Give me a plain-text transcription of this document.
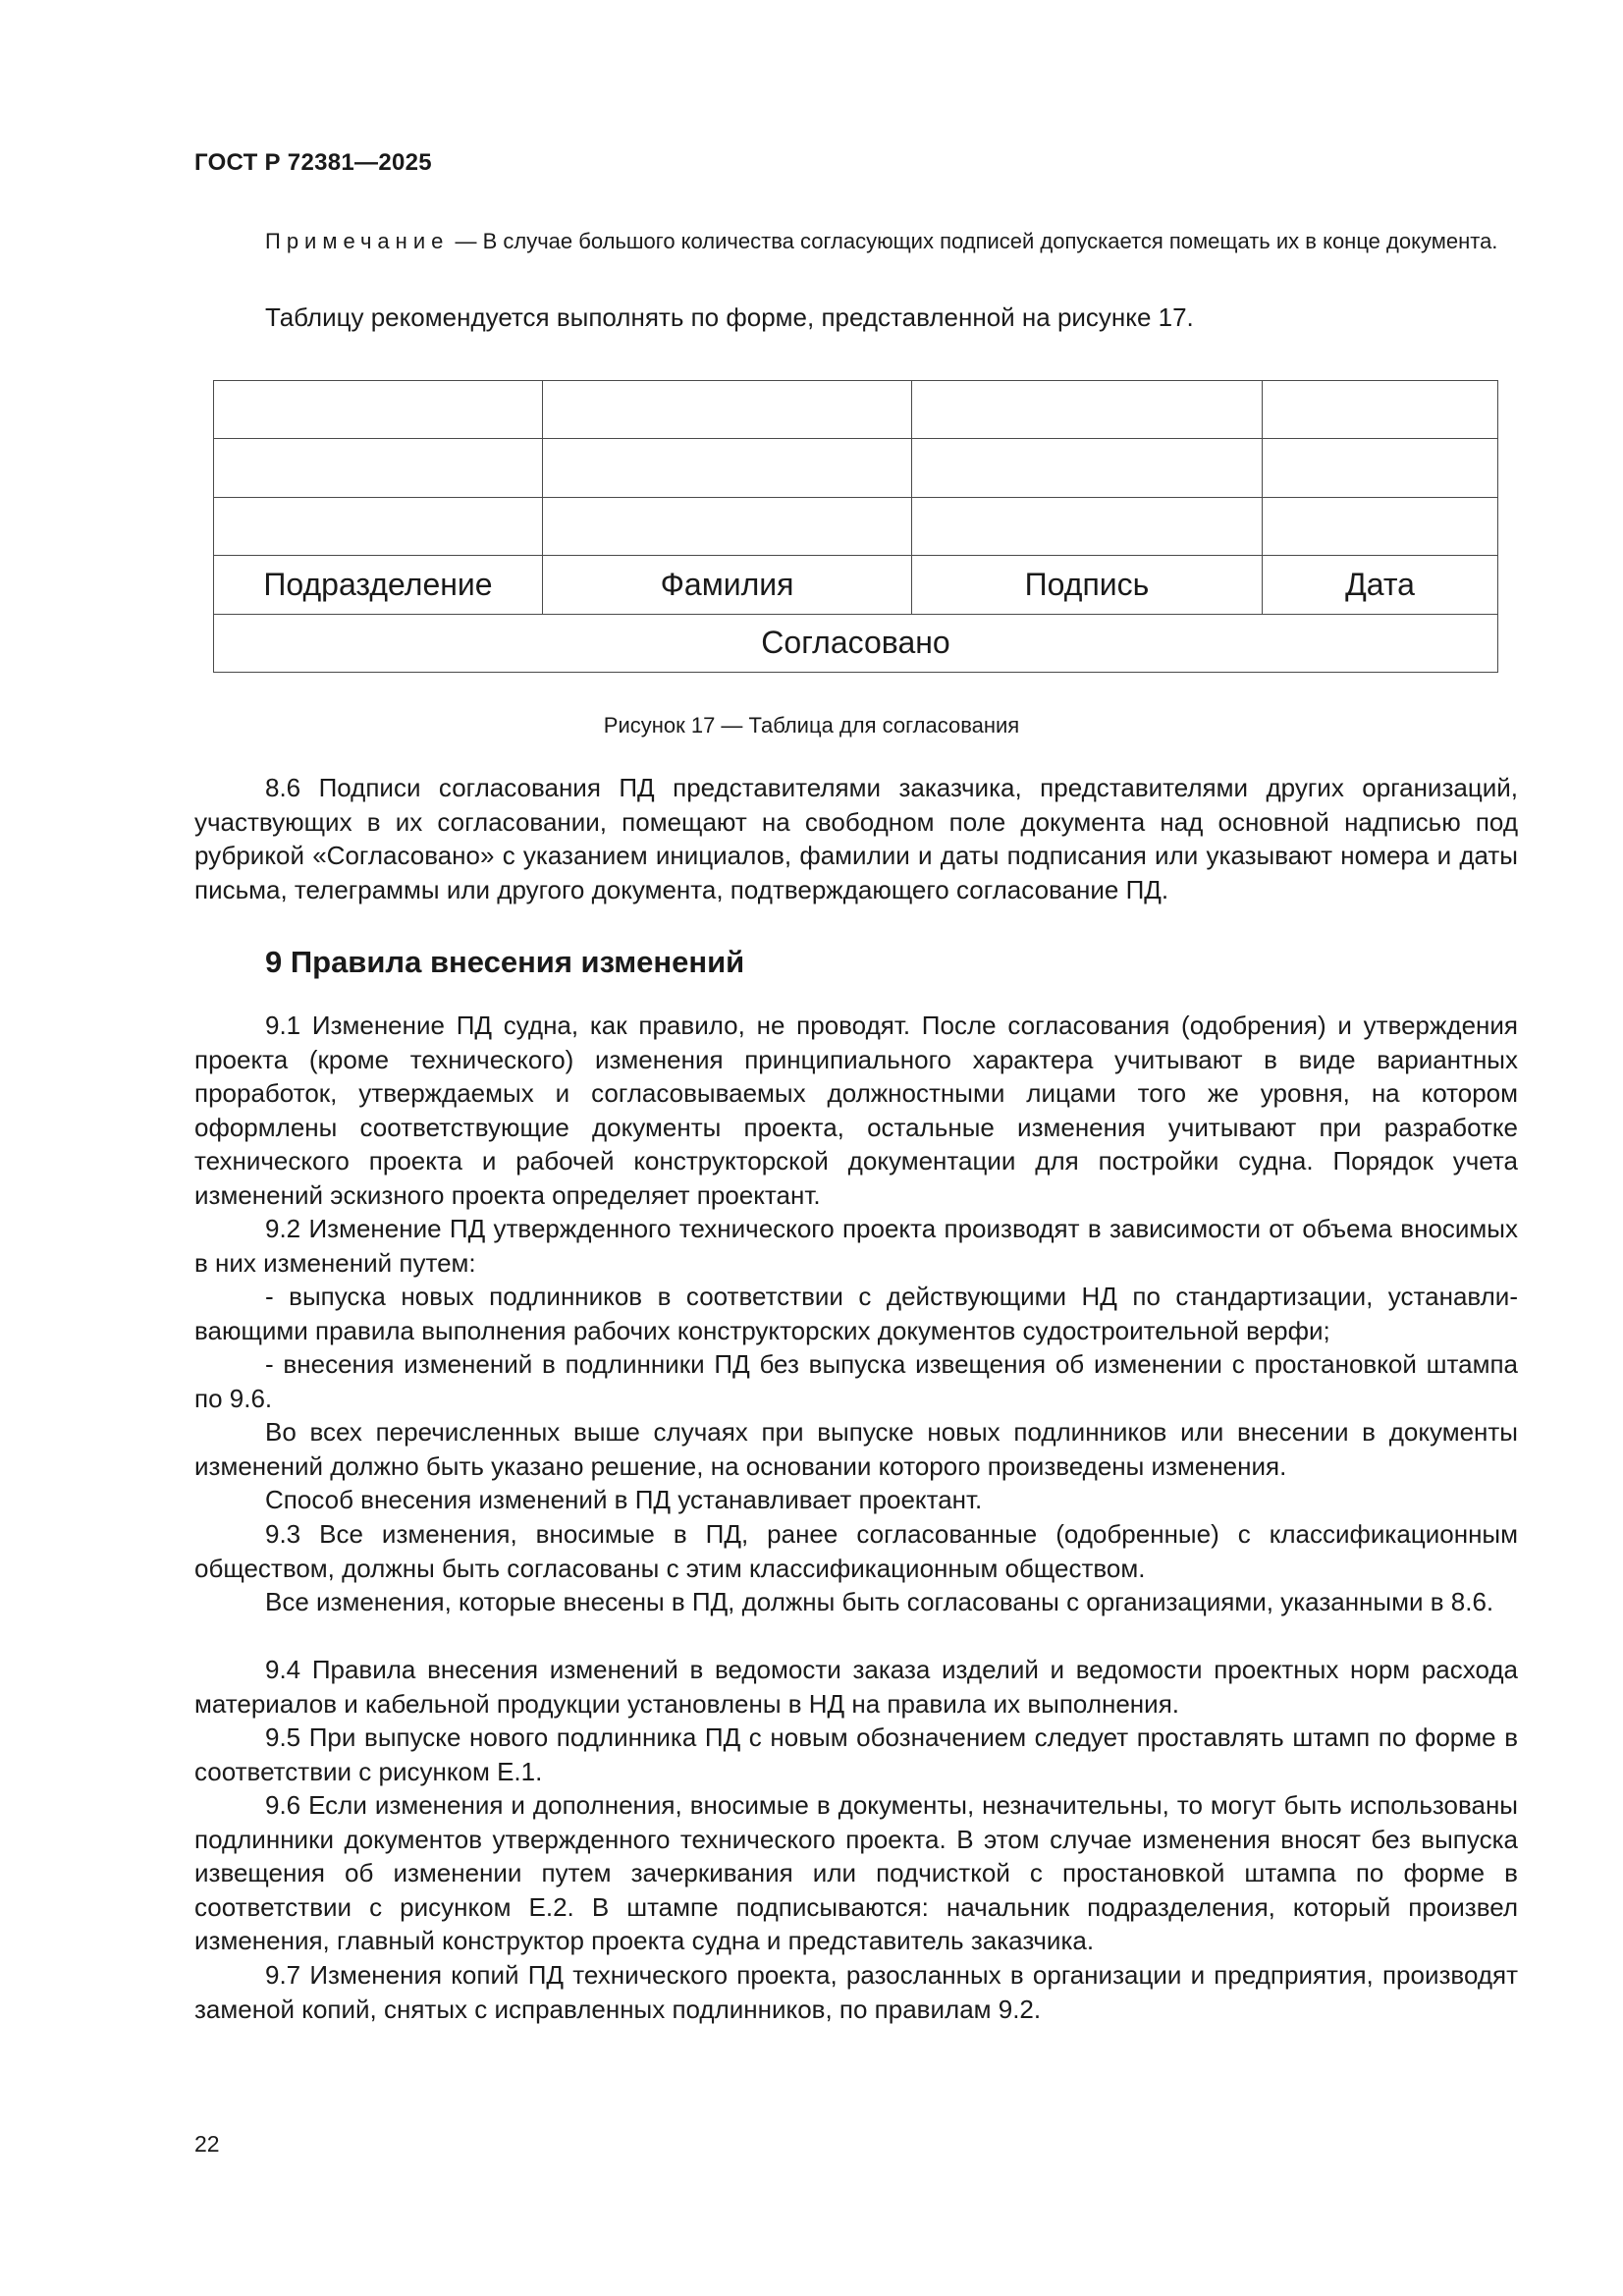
ГОСТ Р 72381—2025
Примечание — В случае большого количества согласующих подписей допускается помещать их в конце документа.

Таблицу рекомендуется выполнять по форме, представленной на рисунке 17.

Подразделение	Фамилия	Подпись	Дата
Согласовано			
Рисунок 17 — Таблица для согласования

8.6 Подписи согласования ПД представителями заказчика, представителями других организаций, участвующих в их согласовании, помещают на свободном поле документа над основной надписью под рубрикой «Согласовано» с указанием инициалов, фамилии и даты подписания или указывают номера и даты письма, телеграммы или другого документа, подтверждающего согласование ПД.

9 Правила внесения изменений

9.1 Изменение ПД судна, как правило, не проводят. После согласования (одобрения) и утверждения проекта (кроме технического) изменения принципиального характера учитывают в виде вариантных проработок, утверждаемых и согласовываемых должностными лицами того же уровня, на котором оформлены соответствующие документы проекта, остальные изменения учитывают при разработке технического проекта и рабочей конструкторской документации для постройки судна. Порядок учета изменений эскизного проекта определяет проектант.

9.2 Изменение ПД утвержденного технического проекта производят в зависимости от объема вносимых в них изменений путем:

- выпуска новых подлинников в соответствии с действующими НД по стандартизации, устанавливающими правила выполнения рабочих конструкторских документов судостроительной верфи;

- внесения изменений в подлинники ПД без выпуска извещения об изменении с простановкой штампа по 9.6.

Во всех перечисленных выше случаях при выпуске новых подлинников или внесении в документы изменений должно быть указано решение, на основании которого произведены изменения.

Способ внесения изменений в ПД устанавливает проектант.

9.3 Все изменения, вносимые в ПД, ранее согласованные (одобренные) с классификационным обществом, должны быть согласованы с этим классификационным обществом.

Все изменения, которые внесены в ПД, должны быть согласованы с организациями, указанными в 8.6.

9.4 Правила внесения изменений в ведомости заказа изделий и ведомости проектных норм расхода материалов и кабельной продукции установлены в НД на правила их выполнения.

9.5 При выпуске нового подлинника ПД с новым обозначением следует проставлять штамп по форме в соответствии с рисунком Е.1.

9.6 Если изменения и дополнения, вносимые в документы, незначительны, то могут быть использованы подлинники документов утвержденного технического проекта. В этом случае изменения вносят без выпуска извещения об изменении путем зачеркивания или подчисткой с простановкой штампа по форме в соответствии с рисунком Е.2. В штампе подписываются: начальник подразделения, который произвел изменения, главный конструктор проекта судна и представитель заказчика.

9.7 Изменения копий ПД технического проекта, разосланных в организации и предприятия, производят заменой копий, снятых с исправленных подлинников, по правилам 9.2.

22
